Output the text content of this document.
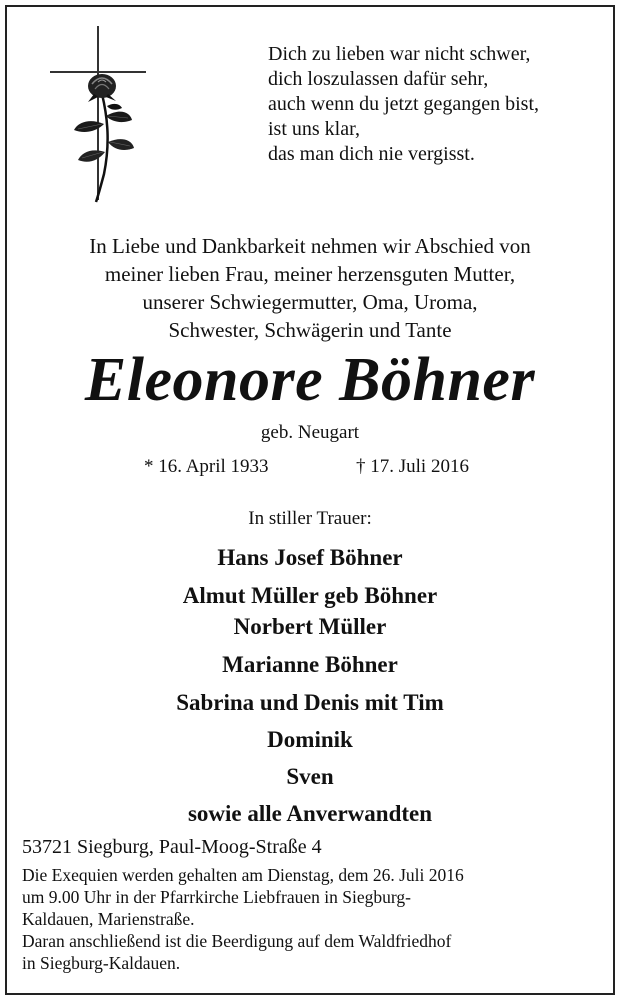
Dich zu lieben war nicht schwer,
dich loszulassen dafür sehr,
auch wenn du jetzt gegangen bist,
ist uns klar,
das man dich nie vergisst.
In Liebe und Dankbarkeit nehmen wir Abschied von
meiner lieben Frau, meiner herzensguten Mutter,
unserer Schwiegermutter, Oma, Uroma,
Schwester, Schwägerin und Tante
Eleonore Böhner
geb. Neugart
* 16. April 1933	† 17. Juli 2016
In stiller Trauer:
Hans Josef Böhner
Almut Müller geb Böhner
Norbert Müller
Marianne Böhner
Sabrina und Denis mit Tim
Dominik
Sven
sowie alle Anverwandten
53721 Siegburg, Paul-Moog-Straße 4
Die Exequien werden gehalten am Dienstag, dem 26. Juli 2016
um 9.00 Uhr in der Pfarrkirche Liebfrauen in Siegburg-
Kaldauen, Marienstraße.
Daran anschließend ist die Beerdigung auf dem Waldfriedhof
in Siegburg-Kaldauen.
